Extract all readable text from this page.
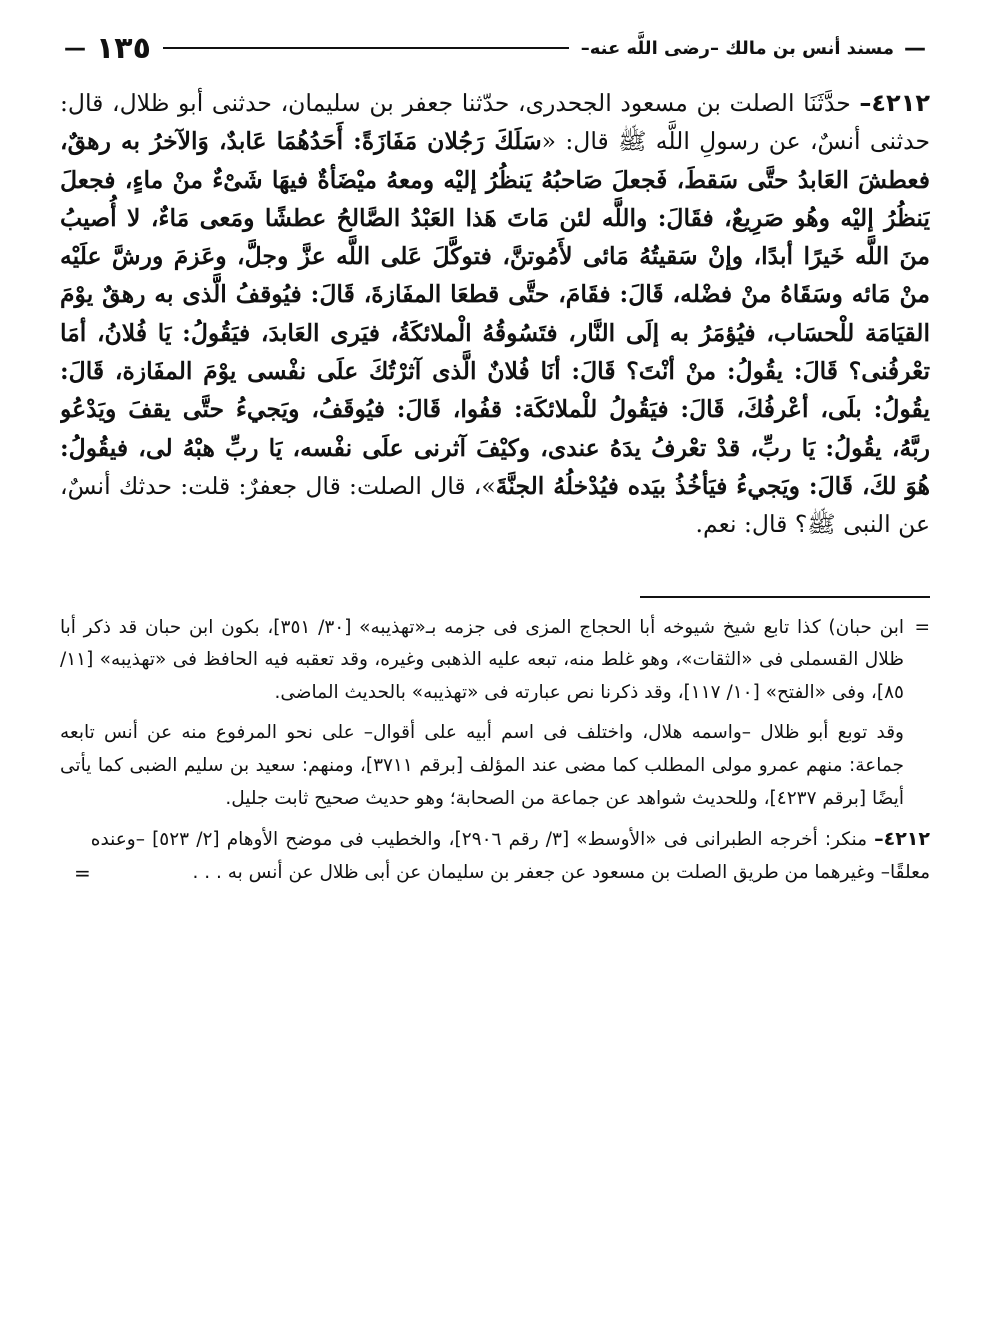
—
مسند أنس بن مالك –رضى اللَّه عنه–
١٣٥
—

٤٢١٢– حدَّثَنَا الصلت بن مسعود الجحدرى، حدّثنا جعفر بن سليمان، حدثنى أبو ظلال، قال: حدثنى أنسٌ، عن رسولِ اللَّه ﷺ قال: «سَلَكَ رَجُلان مَفَازَةً: أَحَدُهُمَا عَابدٌ، وَالآخرُ به رهقٌ، فعطشَ العَابدُ حتَّى سَقطَ، فَجعلَ صَاحبُهُ يَنظُرُ إليْه ومعهُ ميْضَأةٌ فيهَا شَىْءٌ منْ ماءٍ، فجعلَ يَنظُرُ إليْه وهُو صَرِيعٌ، فقَالَ: واللَّه لئن مَاتَ هَذا العَبْدُ الصَّالحُ عطشًا ومَعى مَاءٌ، لا أُصيبُ منَ اللَّه خَيرًا أبدًا، وإنْ سَقيتُهُ مَائى لأَمُوتنَّ، فتوكَّلَ عَلى اللَّه عزَّ وجلَّ، وعَزمَ ورشَّ علَيْه منْ مَائه وسَقَاهُ منْ فضْله، قَالَ: فقَامَ، حتَّى قطعَا المفَازةَ، قَالَ: فيُوقفُ الَّذى به رهقٌ يوْمَ القيَامَة للْحسَاب، فيُؤمَرُ به إلَى النَّار، فتَسُوقُهُ الْملائكَةُ، فيَرى العَابدَ، فيَقُولُ: يَا فُلانُ، أمَا تعْرفُنى؟ قَالَ: يقُولُ: منْ أنْتَ؟ قَالَ: أنَا فُلانٌ الَّذى آثرْتُكَ علَى نفْسى يوْمَ المفَازة، قَالَ: يقُولُ: بلَى، أعْرفُكَ، قَالَ: فيَقُولُ للْملائكَة: قفُوا، قَالَ: فيُوقَفُ، ويَجيءُ حتَّى يقفَ ويَدْعُو ربَّهُ، يقُولُ: يَا ربِّ، قدْ تعْرفُ يدَهُ عندى، وكيْفَ آثرنى علَى نفْسه، يَا ربِّ هبْهُ لى، فيقُولُ: هُوَ لكَ، قَالَ: ويَجيءُ فيَأخُذُ بيَده فيُدْخلُهُ الجنَّةَ»، قال الصلت: قال جعفرٌ: قلت: حدثك أنسٌ، عن النبى ﷺ؟ قال: نعم.

=ابن حبان) كذا تابع شيخ شيوخه أبا الحجاج المزى فى جزمه بـ«تهذيبه» [٣٠/ ٣٥١]، بكون ابن حبان قد ذكر أبا ظلال القسملى فى «الثقات»، وهو غلط منه، تبعه عليه الذهبى وغيره، وقد تعقبه فيه الحافظ فى «تهذيبه» [١١/ ٨٥]، وفى «الفتح» [١٠/ ١١٧]، وقد ذكرنا نص عبارته فى «تهذيبه» بالحديث الماضى.

وقد توبع أبو ظلال –واسمه هلال، واختلف فى اسم أبيه على أقوال– على نحو المرفوع منه عن أنس تابعه جماعة: منهم عمرو مولى المطلب كما مضى عند المؤلف [برقم ٣٧١١]، ومنهم: سعيد بن سليم الضبى كما يأتى أيضًا [برقم ٤٢٣٧]، وللحديث شواهد عن جماعة من الصحابة؛ وهو حديث صحيح ثابت جليل.

٤٢١٢– منكر: أخرجه الطبرانى فى «الأوسط» [٣/ رقم ٢٩٠٦]، والخطيب فى موضح الأوهام [٢/ ٥٢٣] –وعنده معلقًا– وغيرهما من طريق الصلت بن مسعود عن جعفر بن سليمان عن أبى ظلال عن أنس به . . .

=
